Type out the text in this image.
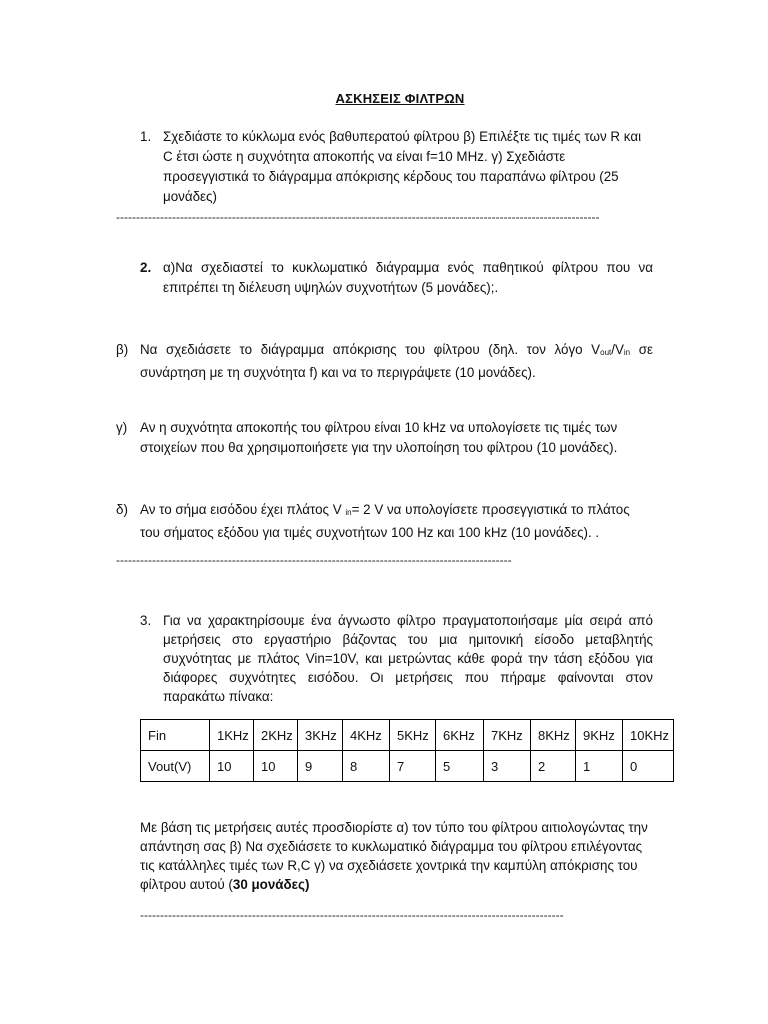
ΑΣΚΗΣΕΙΣ ΦΙΛΤΡΩΝ
1. Σχεδιάστε το κύκλωμα ενός βαθυπερατού φίλτρου β) Επιλέξτε τις τιμές των R και C έτσι ώστε η συχνότητα αποκοπής να είναι f=10 MHz. γ) Σχεδιάστε προσεγγιστικά το διάγραμμα απόκρισης κέρδους του παραπάνω φίλτρου (25 μονάδες)

-------------------------------------------------------------------------------------------------------------------------
2. α)Να σχεδιαστεί το κυκλωματικό διάγραμμα ενός παθητικού φίλτρου που να επιτρέπει τη διέλευση υψηλών συχνοτήτων (5 μονάδες);.

β) Να σχεδιάσετε το διάγραμμα απόκρισης του φίλτρου (δηλ. τον λόγο $V_{out}/V_{in}$ σε συνάρτηση με τη συχνότητα f) και να το περιγράψετε (10 μονάδες).

γ) Αν η συχνότητα αποκοπής του φίλτρου είναι 10 kHz να υπολογίσετε τις τιμές των στοιχείων που θα χρησιμοποιήσετε για την υλοποίηση του φίλτρου (10 μονάδες).

δ) Αν το σήμα εισόδου έχει πλάτος V $_{in}$= 2 V να υπολογίσετε προσεγγιστικά το πλάτος του σήματος εξόδου για τιμές συχνοτήτων 100 Hz και 100 kHz (10 μονάδες). .

---------------------------------------------------------------------------------------------------
3. Για να χαρακτηρίσουμε ένα άγνωστο φίλτρο πραγματοποιήσαμε μία σειρά από μετρήσεις στο εργαστήριο βάζοντας του μια ημιτονική είσοδο μεταβλητής συχνότητας με πλάτος Vin=10V, και μετρώντας κάθε φορά την τάση εξόδου για διάφορες συχνότητες εισόδου. Οι μετρήσεις που πήραμε φαίνονται στον παρακάτω πίνακα:

Fin	1KHz	2KHz	3KHz	4KHz	5KHz	6KHz	7KHz	8KHz	9KHz	10KHz
Vout(V)	10	10	9	8	7	5	3	2	1	0

Με βάση τις μετρήσεις αυτές προσδιορίστε α) τον τύπο του φίλτρου αιτιολογώντας την απάντηση σας β) Να σχεδιάσετε το κυκλωματικό διάγραμμα του φίλτρου επιλέγοντας τις κατάλληλες τιμές των R,C γ) να σχεδιάσετε χοντρικά την καμπύλη απόκρισης του φίλτρου αυτού (30 μονάδες)

----------------------------------------------------------------------------------------------------------
